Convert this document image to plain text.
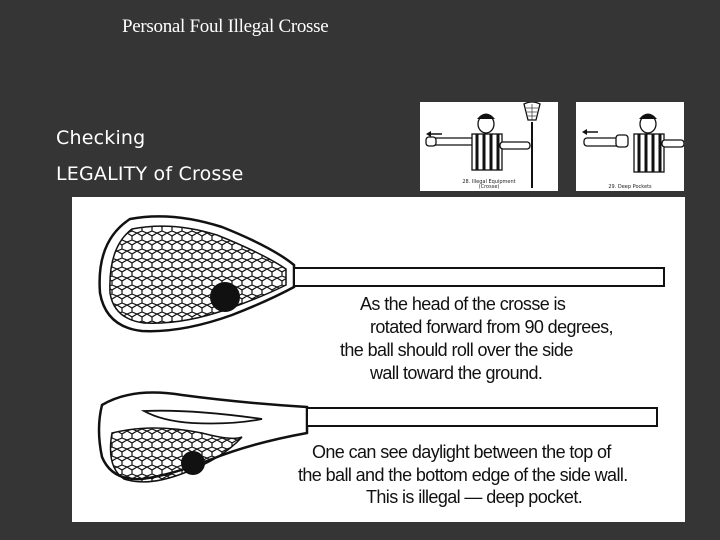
Personal Foul Illegal Crosse
Checking
LEGALITY of Crosse	28. Illegal Equipment
(Crosse)	29. Deep Pockets
As the head of the crosse is
rotated forward from 90 degrees,
the ball should roll over the side
wall toward the ground.
One can see daylight between the top of
the ball and the bottom edge of the side wall.
This is illegal — deep pocket.
